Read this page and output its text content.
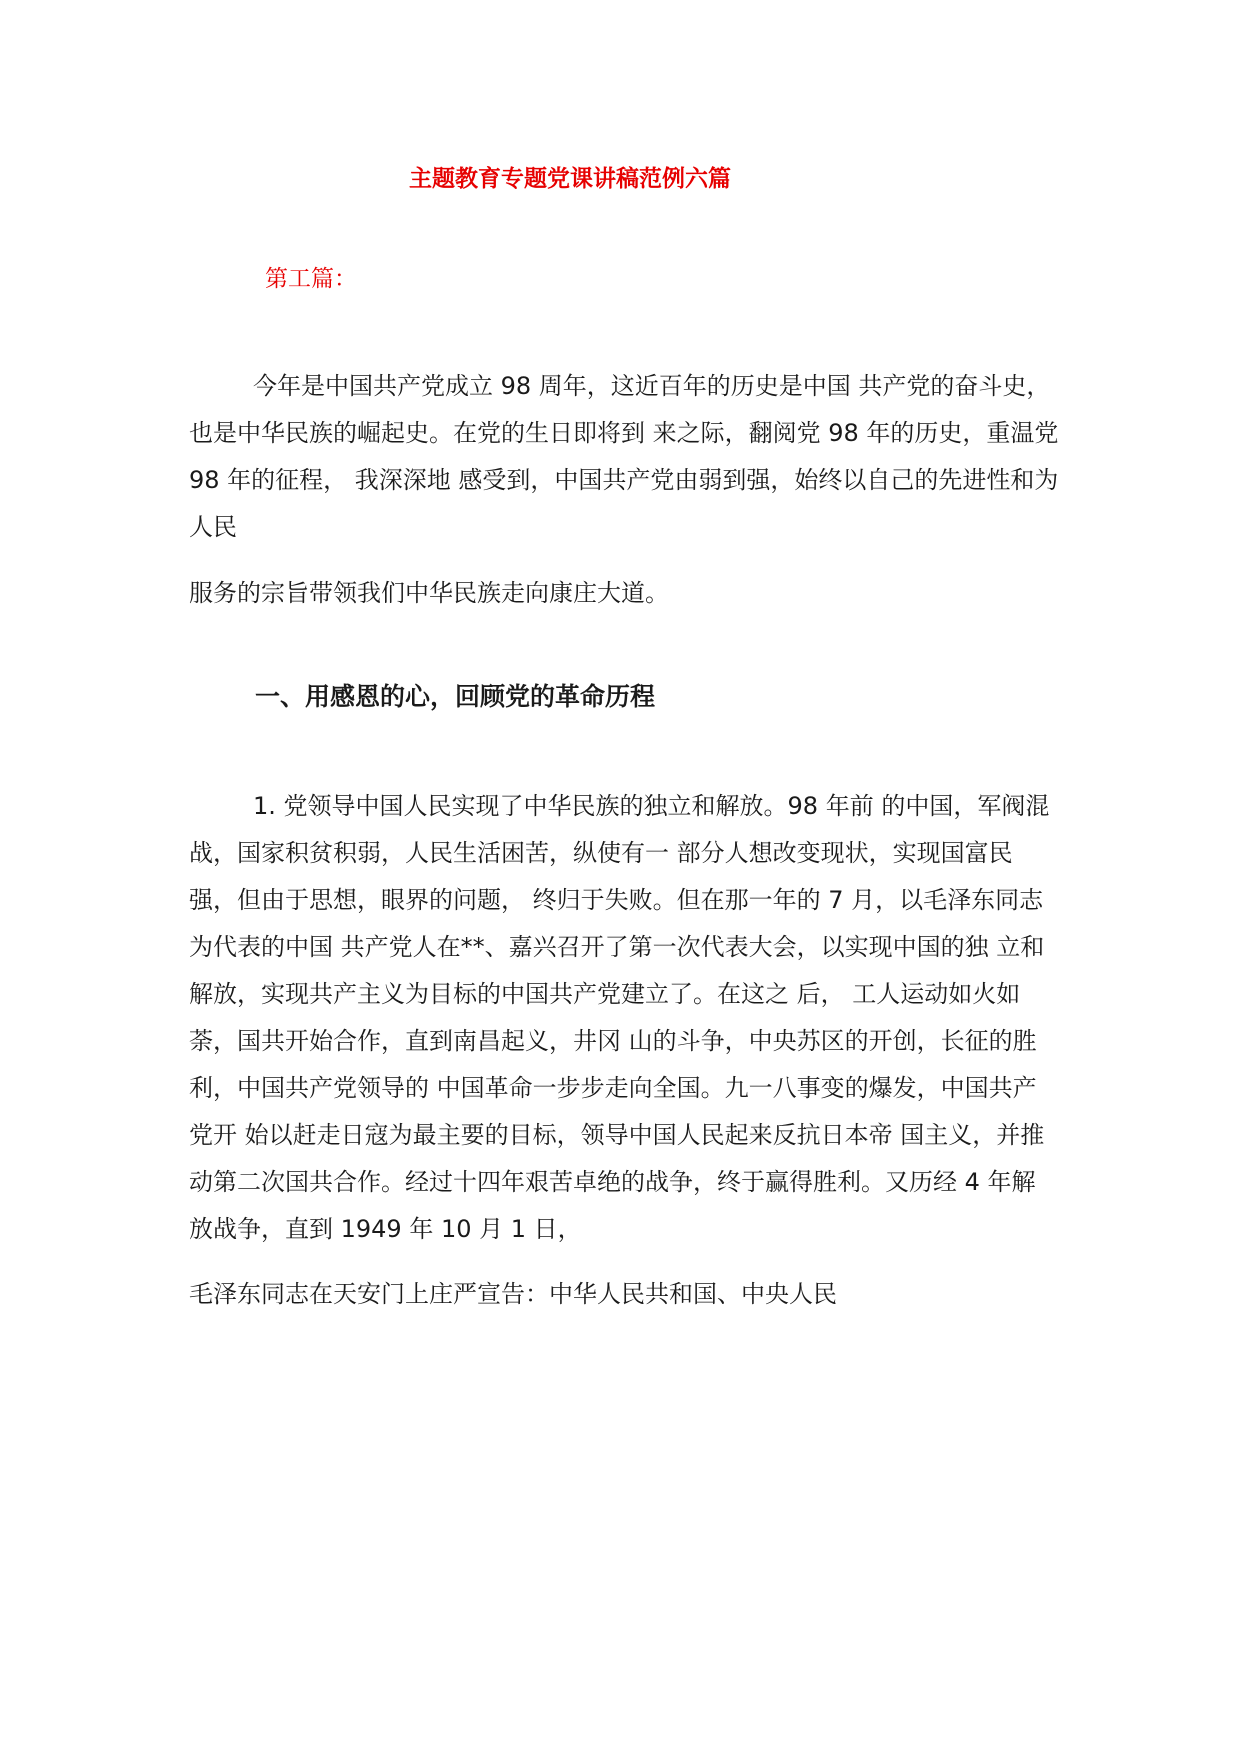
主题教育专题党课讲稿范例六篇
第工篇：

今年是中国共产党成立 98 周年，这近百年的历史是中国 共产党的奋斗史，也是中华民族的崛起史。在党的生日即将到 来之际，翻阅党 98 年的历史，重温党 98 年的征程， 我深深地 感受到，中国共产党由弱到强，始终以自己的先进性和为人民

服务的宗旨带领我们中华民族走向康庄大道。

一、用感恩的心，回顾党的革命历程

1. 党领导中国人民实现了中华民族的独立和解放。98 年前 的中国，军阀混战，国家积贫积弱，人民生活困苦，纵使有一 部分人想改变现状，实现国富民强，但由于思想，眼界的问题， 终归于失败。但在那一年的 7 月，以毛泽东同志为代表的中国 共产党人在**、嘉兴召开了第一次代表大会，以实现中国的独 立和解放，实现共产主义为目标的中国共产党建立了。在这之 后， 工人运动如火如荼，国共开始合作，直到南昌起义，井冈 山的斗争，中央苏区的开创，长征的胜利，中国共产党领导的 中国革命一步步走向全国。九一八事变的爆发，中国共产党开 始以赶走日寇为最主要的目标，领导中国人民起来反抗日本帝 国主义，并推动第二次国共合作。经过十四年艰苦卓绝的战争，终于赢得胜利。又历经 4 年解放战争，直到 1949 年 10 月 1 日，

毛泽东同志在天安门上庄严宣告：中华人民共和国、中央人民
